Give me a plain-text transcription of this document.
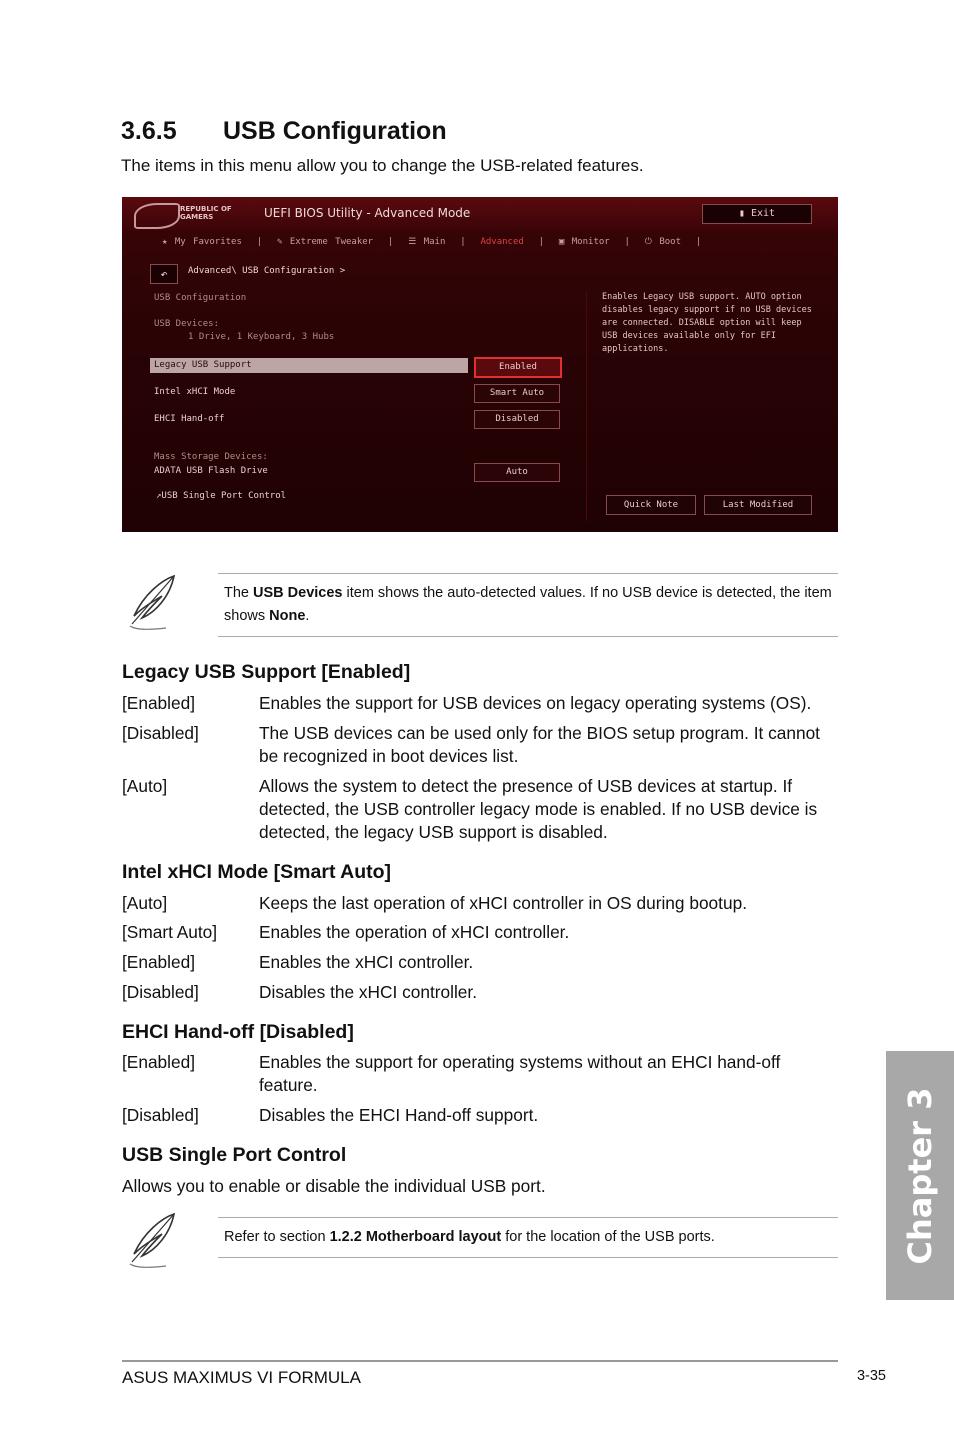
3.6.5 USB Configuration
The items in this menu allow you to change the USB-related features.
REPUBLIC OF GAMERS	UEFI BIOS Utility - Advanced Mode	▮ Exit
★ My Favorites  |  ✎ Extreme Tweaker  |  ☰ Main  |  Advanced  |  ▣ Monitor  |  ⏻ Boot  |
↶	Advanced\ USB Configuration >
USB Configuration
USB Devices:
1 Drive, 1 Keyboard, 3 Hubs
Legacy USB Support	Enabled
Intel xHCI Mode	Smart Auto
EHCI Hand-off	Disabled
Mass Storage Devices:
ADATA USB Flash Drive	Auto
↗USB Single Port Control
Enables Legacy USB support. AUTO option disables legacy support if no USB devices are connected. DISABLE option will keep USB devices available only for EFI applications.
Quick Note	Last Modified
The USB Devices item shows the auto-detected values. If no USB device is detected, the item shows None.
Legacy USB Support [Enabled]
[Enabled]	Enables the support for USB devices on legacy operating systems (OS).
[Disabled]	The USB devices can be used only for the BIOS setup program. It cannot be recognized in boot devices list.
[Auto]	Allows the system to detect the presence of USB devices at startup. If detected, the USB controller legacy mode is enabled. If no USB device is detected, the legacy USB support is disabled.
Intel xHCI Mode [Smart Auto]
[Auto]	Keeps the last operation of xHCI controller in OS during bootup.
[Smart Auto]	Enables the operation of xHCI controller.
[Enabled]	Enables the xHCI controller.
[Disabled]	Disables the xHCI controller.
EHCI Hand-off [Disabled]
[Enabled]	Enables the support for operating systems without an EHCI hand-off feature.
[Disabled]	Disables the EHCI Hand-off support.
USB Single Port Control
Allows you to enable or disable the individual USB port.
Refer to section 1.2.2 Motherboard layout for the location of the USB ports.	Chapter 3
ASUS MAXIMUS VI FORMULA	3-35
